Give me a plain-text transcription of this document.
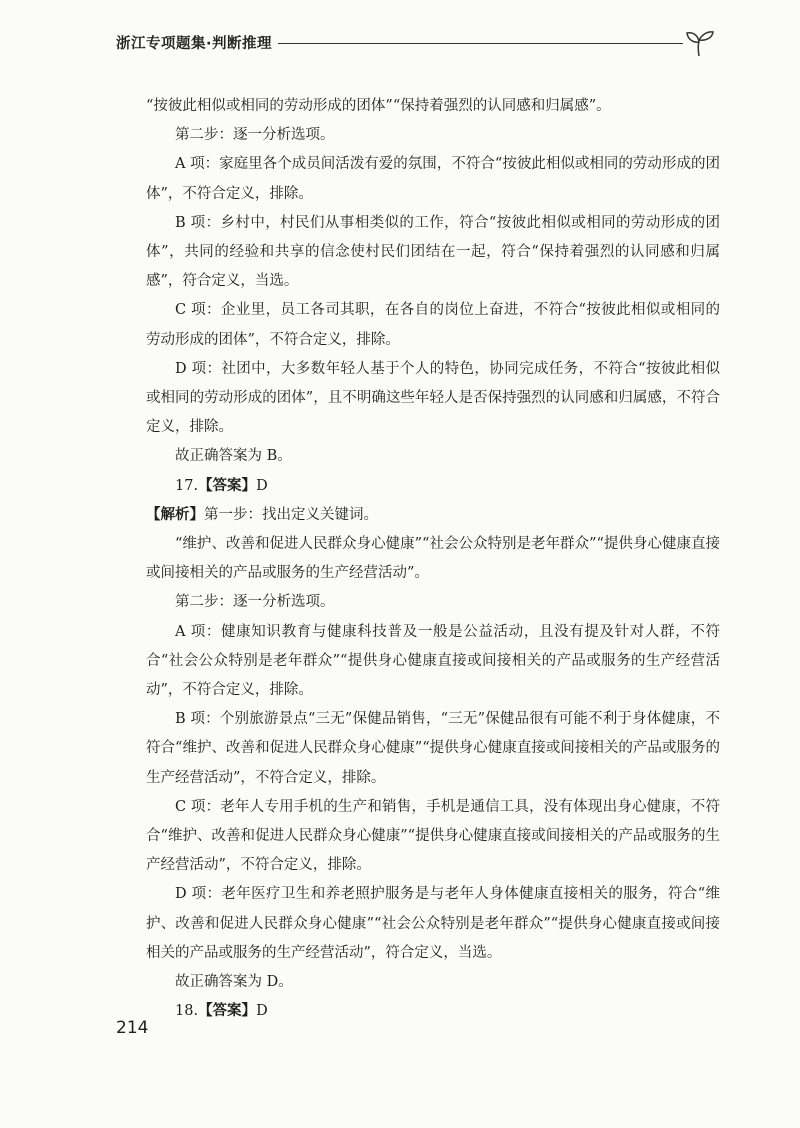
浙江专项题集·判断推理

“按彼此相似或相同的劳动形成的团体”“保持着强烈的认同感和归属感”。

第二步：逐一分析选项。

A 项：家庭里各个成员间活泼有爱的氛围，不符合“按彼此相似或相同的劳动形成的团体”，不符合定义，排除。

B 项：乡村中，村民们从事相类似的工作，符合“按彼此相似或相同的劳动形成的团体”，共同的经验和共享的信念使村民们团结在一起，符合“保持着强烈的认同感和归属感”，符合定义，当选。

C 项：企业里，员工各司其职，在各自的岗位上奋进，不符合“按彼此相似或相同的劳动形成的团体”，不符合定义，排除。

D 项：社团中，大多数年轻人基于个人的特色，协同完成任务，不符合“按彼此相似或相同的劳动形成的团体”，且不明确这些年轻人是否保持强烈的认同感和归属感，不符合定义，排除。

故正确答案为 B。

17.【答案】D

【解析】第一步：找出定义关键词。

“维护、改善和促进人民群众身心健康”“社会公众特别是老年群众”“提供身心健康直接或间接相关的产品或服务的生产经营活动”。

第二步：逐一分析选项。

A 项：健康知识教育与健康科技普及一般是公益活动，且没有提及针对人群，不符合“社会公众特别是老年群众”“提供身心健康直接或间接相关的产品或服务的生产经营活动”，不符合定义，排除。

B 项：个别旅游景点“三无”保健品销售，“三无”保健品很有可能不利于身体健康，不符合“维护、改善和促进人民群众身心健康”“提供身心健康直接或间接相关的产品或服务的生产经营活动”，不符合定义，排除。

C 项：老年人专用手机的生产和销售，手机是通信工具，没有体现出身心健康，不符合“维护、改善和促进人民群众身心健康”“提供身心健康直接或间接相关的产品或服务的生产经营活动”，不符合定义，排除。

D 项：老年医疗卫生和养老照护服务是与老年人身体健康直接相关的服务，符合“维护、改善和促进人民群众身心健康”“社会公众特别是老年群众”“提供身心健康直接或间接相关的产品或服务的生产经营活动”，符合定义，当选。

故正确答案为 D。

18.【答案】D

214
